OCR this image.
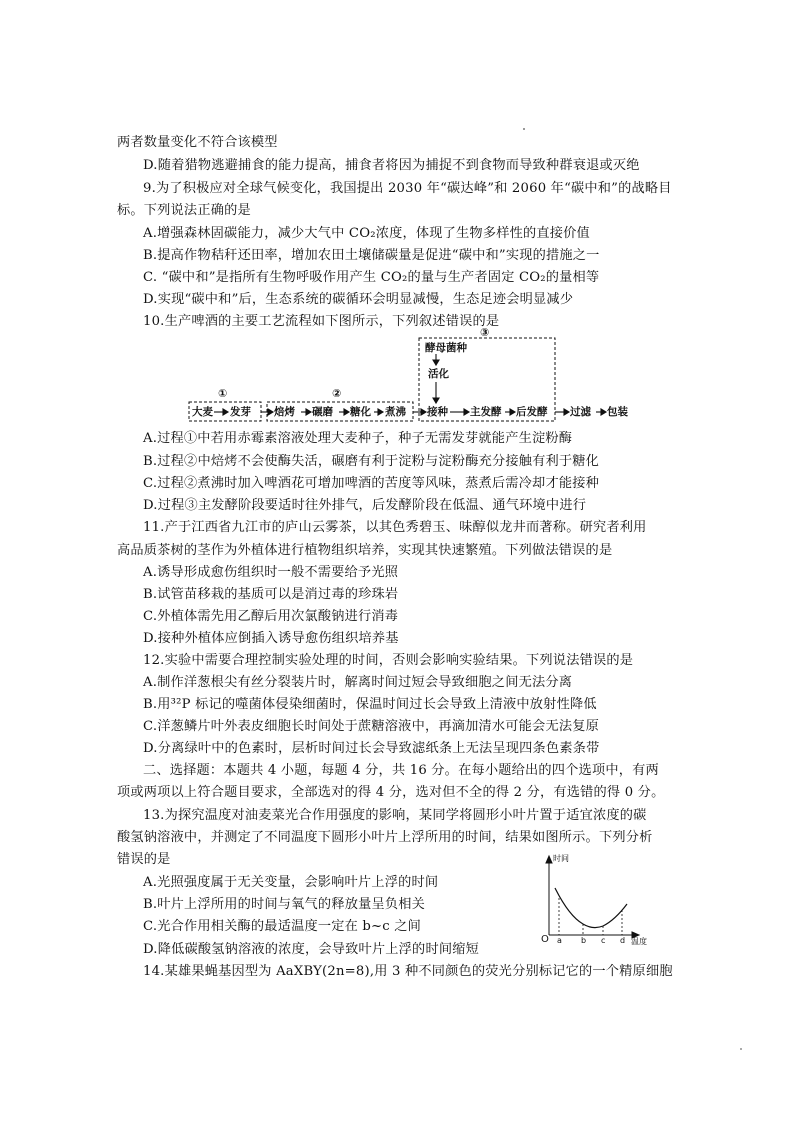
两者数量变化不符合该模型
D.随着猎物逃避捕食的能力提高，捕食者将因为捕捉不到食物而导致种群衰退或灭绝
9.为了积极应对全球气候变化，我国提出 2030 年“碳达峰”和 2060 年“碳中和”的战略目
标。下列说法正确的是
A.增强森林固碳能力，减少大气中 CO₂浓度，体现了生物多样性的直接价值
B.提高作物秸秆还田率，增加农田土壤储碳量是促进“碳中和”实现的措施之一
C. “碳中和”是指所有生物呼吸作用产生 CO₂的量与生产者固定 CO₂的量相等
D.实现“碳中和”后，生态系统的碳循环会明显减慢，生态足迹会明显减少
10.生产啤酒的主要工艺流程如下图所示，下列叙述错误的是
①	②
③
大麦 发芽 焙烤 碾磨 糖化 煮沸 接种 主发酵 后发酵 过滤 包装
酵母菌种
活化
A.过程①中若用赤霉素溶液处理大麦种子，种子无需发芽就能产生淀粉酶
B.过程②中焙烤不会使酶失活，碾磨有利于淀粉与淀粉酶充分接触有利于糖化
C.过程②煮沸时加入啤酒花可增加啤酒的苦度等风味，蒸煮后需冷却才能接种
D.过程③主发酵阶段要适时往外排气，后发酵阶段在低温、通气环境中进行
11.产于江西省九江市的庐山云雾茶，以其色秀碧玉、味醇似龙井而著称。研究者利用
高品质茶树的茎作为外植体进行植物组织培养，实现其快速繁殖。下列做法错误的是
A.诱导形成愈伤组织时一般不需要给予光照
B.试管苗移栽的基质可以是消过毒的珍珠岩
C.外植体需先用乙醇后用次氯酸钠进行消毒
D.接种外植体应倒插入诱导愈伤组织培养基
12.实验中需要合理控制实验处理的时间，否则会影响实验结果。下列说法错误的是
A.制作洋葱根尖有丝分裂装片时，解离时间过短会导致细胞之间无法分离
B.用³²P 标记的噬菌体侵染细菌时，保温时间过长会导致上清液中放射性降低
C.洋葱鳞片叶外表皮细胞长时间处于蔗糖溶液中，再滴加清水可能会无法复原
D.分离绿叶中的色素时，层析时间过长会导致滤纸条上无法呈现四条色素条带
二、选择题：本题共 4 小题，每题 4 分，共 16 分。在每小题给出的四个选项中，有两
项或两项以上符合题目要求，全部选对的得 4 分，选对但不全的得 2 分，有选错的得 0 分。
13.为探究温度对油麦菜光合作用强度的影响，某同学将圆形小叶片置于适宜浓度的碳
酸氢钠溶液中，并测定了不同温度下圆形小叶片上浮所用的时间，结果如图所示。下列分析
错误的是
A.光照强度属于无关变量，会影响叶片上浮的时间
B.叶片上浮所用的时间与氧气的释放量呈负相关
C.光合作用相关酶的最适温度一定在 b~c 之间
D.降低碳酸氢钠溶液的浓度，会导致叶片上浮的时间缩短
时间
温度
O a b c d
14.某雄果蝇基因型为 AaXBY(2n=8),用 3 种不同颜色的荧光分别标记它的一个精原细胞
